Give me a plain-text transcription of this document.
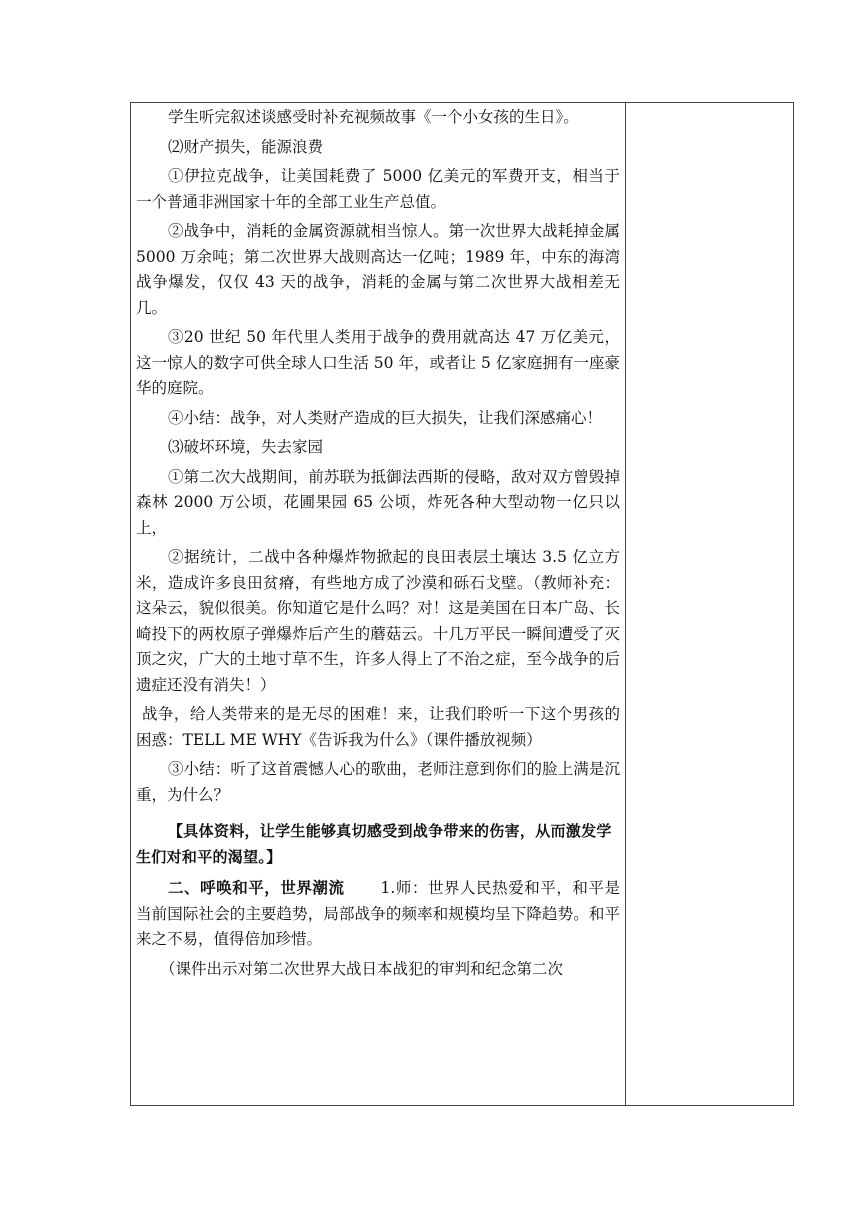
学生听完叙述谈感受时补充视频故事《一个小女孩的生日》。

⑵财产损失，能源浪费

①伊拉克战争，让美国耗费了 5000 亿美元的军费开支，相当于一个普通非洲国家十年的全部工业生产总值。

②战争中，消耗的金属资源就相当惊人。第一次世界大战耗掉金属 5000 万余吨；第二次世界大战则高达一亿吨；1989 年，中东的海湾战争爆发，仅仅 43 天的战争，消耗的金属与第二次世界大战相差无几。

③20 世纪 50 年代里人类用于战争的费用就高达 47 万亿美元，这一惊人的数字可供全球人口生活 50 年，或者让 5 亿家庭拥有一座豪华的庭院。

④小结：战争，对人类财产造成的巨大损失，让我们深感痛心！

⑶破坏环境，失去家园

①第二次大战期间，前苏联为抵御法西斯的侵略，敌对双方曾毁掉森林 2000 万公顷，花圃果园 65 公顷，炸死各种大型动物一亿只以上，

②据统计，二战中各种爆炸物掀起的良田表层土壤达 3.5 亿立方米，造成许多良田贫瘠，有些地方成了沙漠和砾石戈壁。（教师补充：这朵云，貌似很美。你知道它是什么吗？对！这是美国在日本广岛、长崎投下的两枚原子弹爆炸后产生的蘑菇云。十几万平民一瞬间遭受了灭顶之灾，广大的土地寸草不生，许多人得上了不治之症，至今战争的后遗症还没有消失！）

战争，给人类带来的是无尽的困难！来，让我们聆听一下这个男孩的困惑：TELL ME WHY《告诉我为什么》（课件播放视频）

③小结：听了这首震憾人心的歌曲，老师注意到你们的脸上满是沉重，为什么？

【具体资料，让学生能够真切感受到战争带来的伤害，从而激发学生们对和平的渴望。】

二、呼唤和平，世界潮流 1.师：世界人民热爱和平，和平是当前国际社会的主要趋势，局部战争的频率和规模均呈下降趋势。和平来之不易，值得倍加珍惜。

（课件出示对第二次世界大战日本战犯的审判和纪念第二次
